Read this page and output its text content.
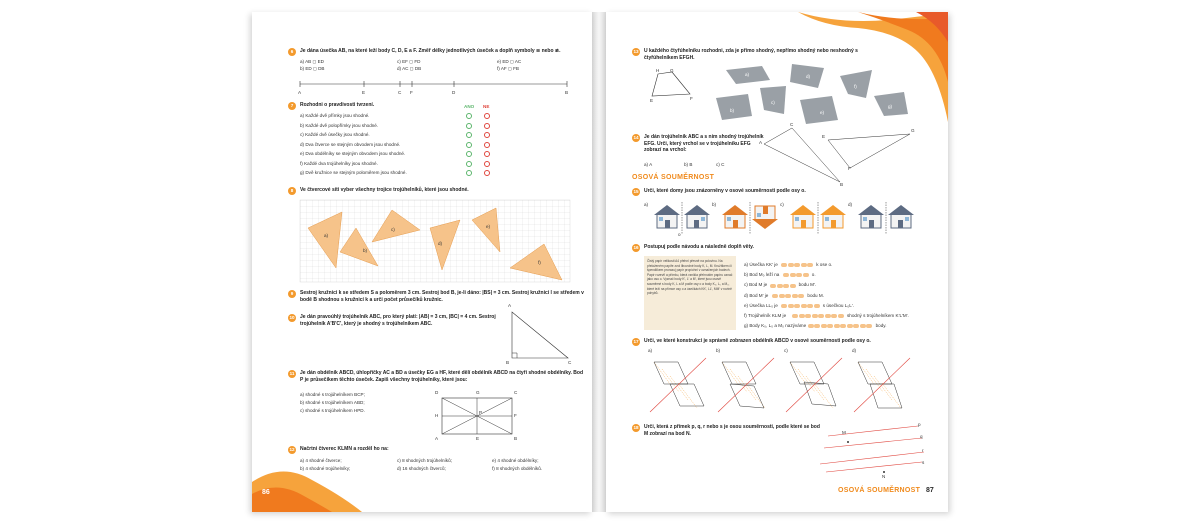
6	Je dána úsečka AB, na které leží body C, D, E a F. Změř délky jednotlivých úseček a doplň symboly ≅ nebo ≇.
a) AB ◻ ED
b) ED ◻ DB
c) EF ◻ FD
d) AC ◻ DB
e) ED ◻ AC
f) AF ◻ FB
A	E	C F	D	B
7	Rozhodni o pravdivosti tvrzení.	ANO NE
8	Ve čtvercové síti vyber všechny trojice trojúhelníků, které jsou shodné.
a)
b)
c)
d)
e)
f)
9	Sestroj kružnici k se středem S a poloměrem 3 cm. Sestroj bod B, je-li dáno: |BS| = 3 cm. Sestroj kružnici l se středem v bodě B shodnou s kružnicí k a urči počet průsečíků kružnic.
10 Je dán pravoúhlý trojúhelník ABC, pro který platí: |AB| = 3 cm, |BC| = 4 cm. Sestroj trojúhelník A′B′C′, který je shodný s trojúhelníkem ABC.
A
B	C
11	Je dán obdélník ABCD, úhlopříčky AC a BD a úsečky EG a HF, které dělí obdélník ABCD na čtyři shodné obdélníky. Bod P je průsečíkem těchto úseček. Zapiš všechny trojúhelníky, které jsou:
a) shodné s trojúhelníkem BCP;
b) shodné s trojúhelníkem ABD;
c) shodné s trojúhelníkem HPD.
D	G	C
H
P
F
A	E	B
12 Načrtni čtverec KLMN a rozděl ho na:
a) 4 shodné čtverce;
b) 4 shodné trojúhelníky;
c) 8 shodných trojúhelníků;
d) 16 shodných čtverců;
e) 4 shodné obdélníky;
f) 8 shodných obdélníků.
86
a) Každé dvě přímky jsou shodné.
b) Každé dvě polopřímky jsou shodné.
c) Každé dvě úsečky jsou shodné.
d) Dva čtverce se stejným obvodem jsou shodné.
e) Dva obdélníky se stejným obvodem jsou shodné.
f) Každé dva trojúhelníky jsou shodné.
g) Dvě kružnice se stejným poloměrem jsou shodné.
13 U každého čtyřúhelníku rozhodni, zda je přímo shodný, nepřímo shodný nebo neshodný s čtyřúhelníkem EFGH.
H G
E	F
a)
b)
c)
d)
e)
f)
g)
14 Je dán trojúhelník ABC a s ním shodný trojúhelník EFG. Urči, který vrchol se v trojúhelníku EFG zobrazí na vrchol:
a) A	b) B	c) C
C
A
B
E
G
F
OSOVÁ SOUMĚRNOST
15 Urči, které domy jsou znázorněny v osové souměrnosti podle osy o.
a)	b)	c)	d)
o
16 Postupuj podle návodu a následně doplň věty.
Čistý papír velikosti A4 přehni přesně na polovinu. Na přeloženém papíře zvol libovolné body K, L, M. Kružítkem či špendlíkem prorazuj papír propíchni v označených bodech. Papír rozevři a přímku, která vznikla přehnutím papíru označ jako osu o. Vyznač body K′, L′ a M′, které jsou osově souměrné s body K, L a M podle osy o a body K₀, L₀ a M₀, které leží na přímce osy o a úsečkách KK′, LL′, MM′ v rovině pohybů.
17 Urči, ve které konstrukci je správně zobrazen obdélník ABCD v osové souměrnosti podle osy o.
18 Urči, která z přímek p, q, r nebo s je osou souměrnosti, podle které se bod M zobrazí na bod N.	M
p
q
r
s
N
OSOVÁ SOUMĚRNOST 87
a) Úsečka KK′ je	k ose o.
b) Bod M₀ leží na	o.
c) Bod M je	bodu M′.
d) Bod M′ je	bodu M.
e) Úsečka LL₀ je	s úsečkou L₀L′.
f) Trojúhelník KLM je	shodný s trojúhelníkem K′L′M′.
g) Body K₀, L₀ a M₀ nazýváme	body.
a)	b)	c)	d)
